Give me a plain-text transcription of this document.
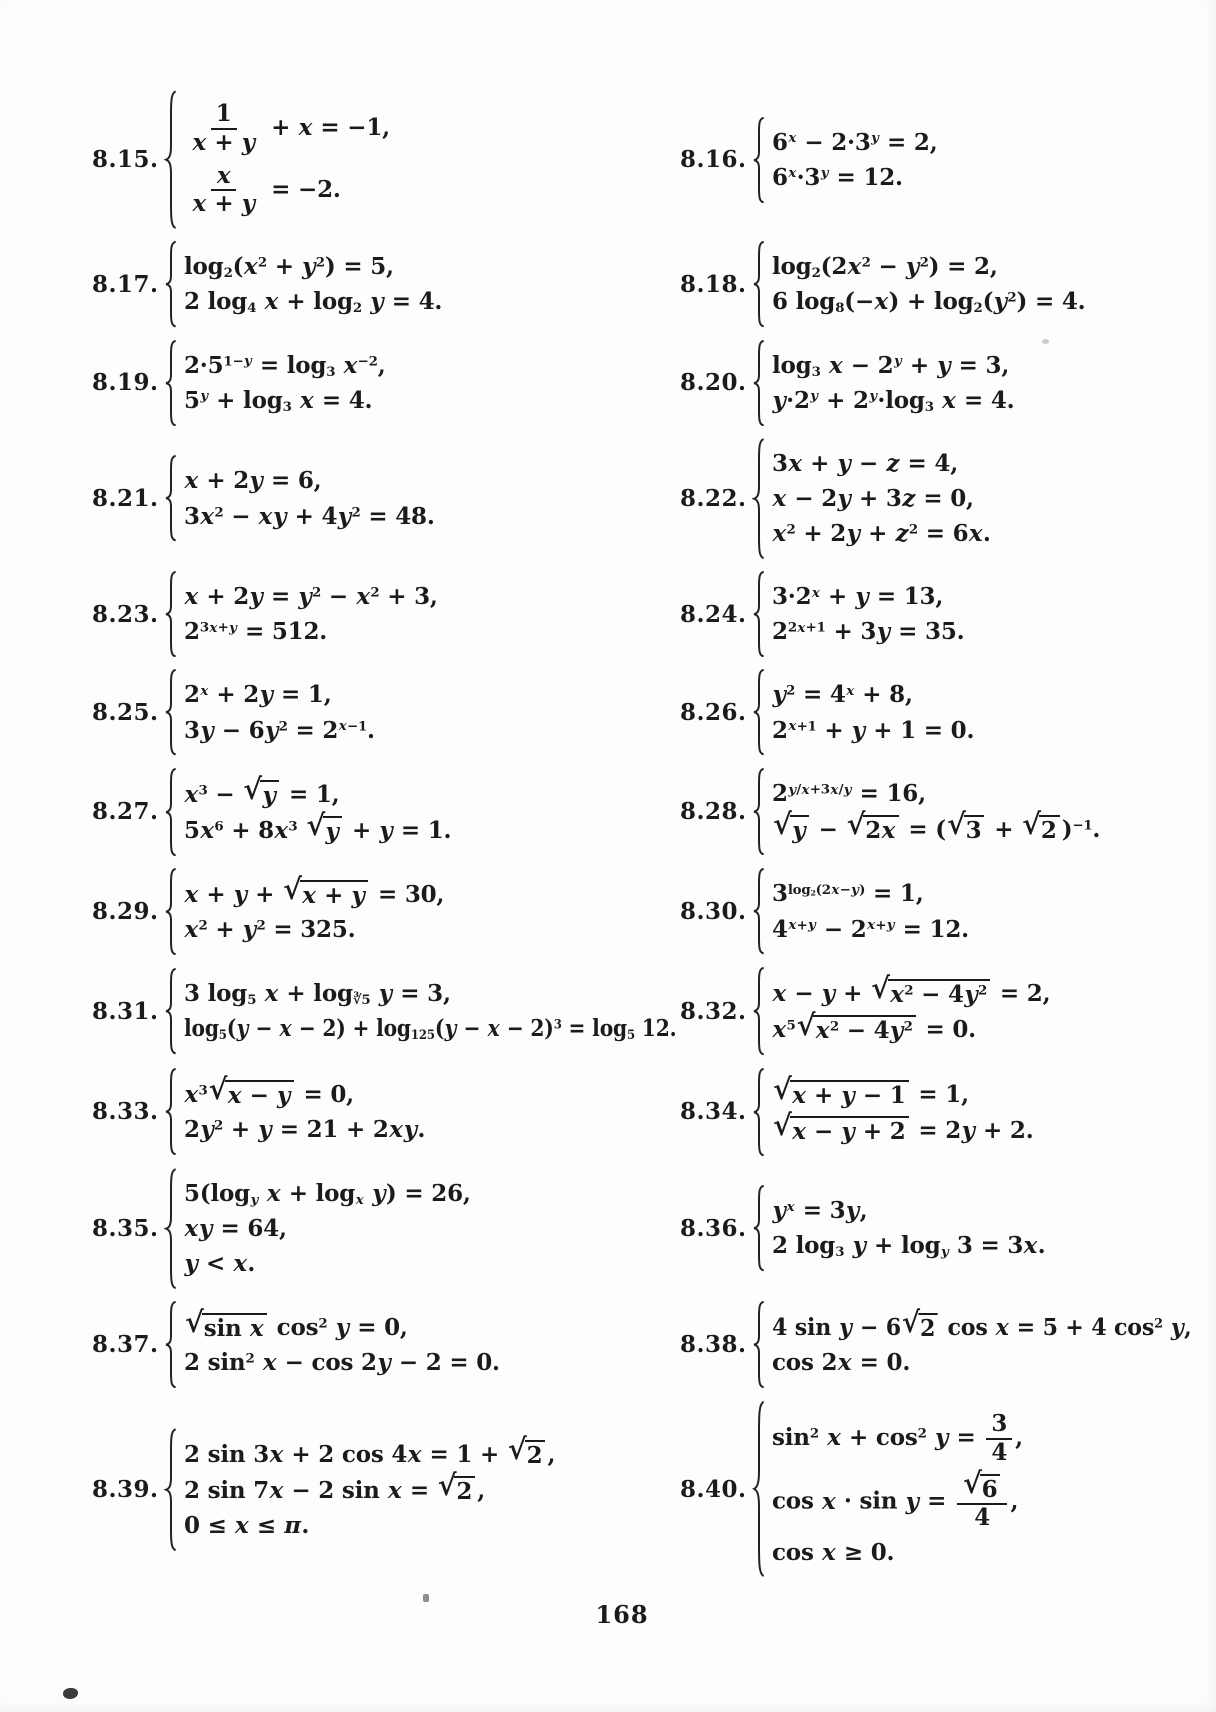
8.15.
$\frac{1}{x + y} + x = -1$,
$\frac{x}{x + y} = -2$.
8.16.
$6^x - 2\cdot 3^y = 2$,
$6^x\cdot 3^y = 12$.
8.17.
$\log_2(x^2 + y^2) = 5$,
2 $\log_4 x + \log_2 y = 4$.
8.18.
$\log_2(2x^2 - y^2) = 2$,
6 $\log_8(-x) + \log_2(y^2) = 4$.
8.19.
$2\cdot 5^{1-y} = \log_3 x^{-2}$,
$5^y + \log_3 x = 4$.
8.20.
$\log_3 x - 2^y + y = 3$,
$y\cdot 2^y + 2^y\cdot\log_3$ x = 4.
8.21.
x + 2y = 6,
$3x^2$ − xy + $4y^2 = 48$.
8.22.
3x + y − z = 4,
x − 2y + 3z = 0,
$x^2 + 2y + z^2 = 6x$.
8.23.
$x + 2y = y^2 - x^2 + 3$,
$2^{3x+y} = 512$.
8.24.
$3\cdot 2^x + y = 13$,
$2^{2x+1} + 3y = 35$.
8.25.
$2^x + 2y = 1$,
$3y - 6y^2 = 2^{x-1}$.
8.26.
$y^2 = 4^x + 8$,
$2^{x+1} + y + 1 = 0$.
8.27.
$x^3$ − √ y = 1,
$5x^6 + 8x^3$ √ y + y = 1.
8.28.
$2^{y/x+3x/y} = 16$,
√ y − √ 2x = ( √ 3 + √ 2 )$^{-1}$.
8.29.
x + y + √ x + y = 30,
$x^2 + y^2 = 325$.
8.30.
$3^{log_2(2x-y)} = 1$,
$4^{x+y} - 2^{x+y} = 12$.
8.31.
3 $\log_5 x + \log_{∛5} y = 3$,
$\log_5(y - x - 2) + \log_{125}(y - x - 2)^3 = \log_5 12$.
8.32.
x − y + √ $x^2 - 4y^2 = 2$,
$x^5$ √ $x^2 - 4y^2 = 0$.
8.33.
$x^3$ √ x − y = 0,
$2y^2 + y = 21 + 2xy$.
8.34.
√ x + y − 1 = 1,
√ x − y + 2 = 2y + 2.
8.35.
$5(\log_y$ $x + \log_x y) = 26$,
xy = 64,
y < x.
8.36.
$y^x = 3y$,
2 $\log_3 y + \log_y 3 = 3x$.
8.37.
√ sin x $\cos^2 y = 0$,
2 $\sin^2 x - \cos 2y - 2 = 0$.
8.38.
4 sin y − 6 √ 2 cos x = 5 + 4 $\cos^2 y$,
cos 2x = 0.
8.39.
2 sin 3x + 2 cos 4x = 1 + √ 2 ,
2 sin 7x − 2 sin x = √ 2 ,
0 ≤ x ≤ π.
8.40.
$\sin^2 x + \cos^2 y = \frac{3}{4}$ ,
$\cos x \cdot \sin y = \frac{√ 6}{4}$ ,
cos x ≥ 0.
168
